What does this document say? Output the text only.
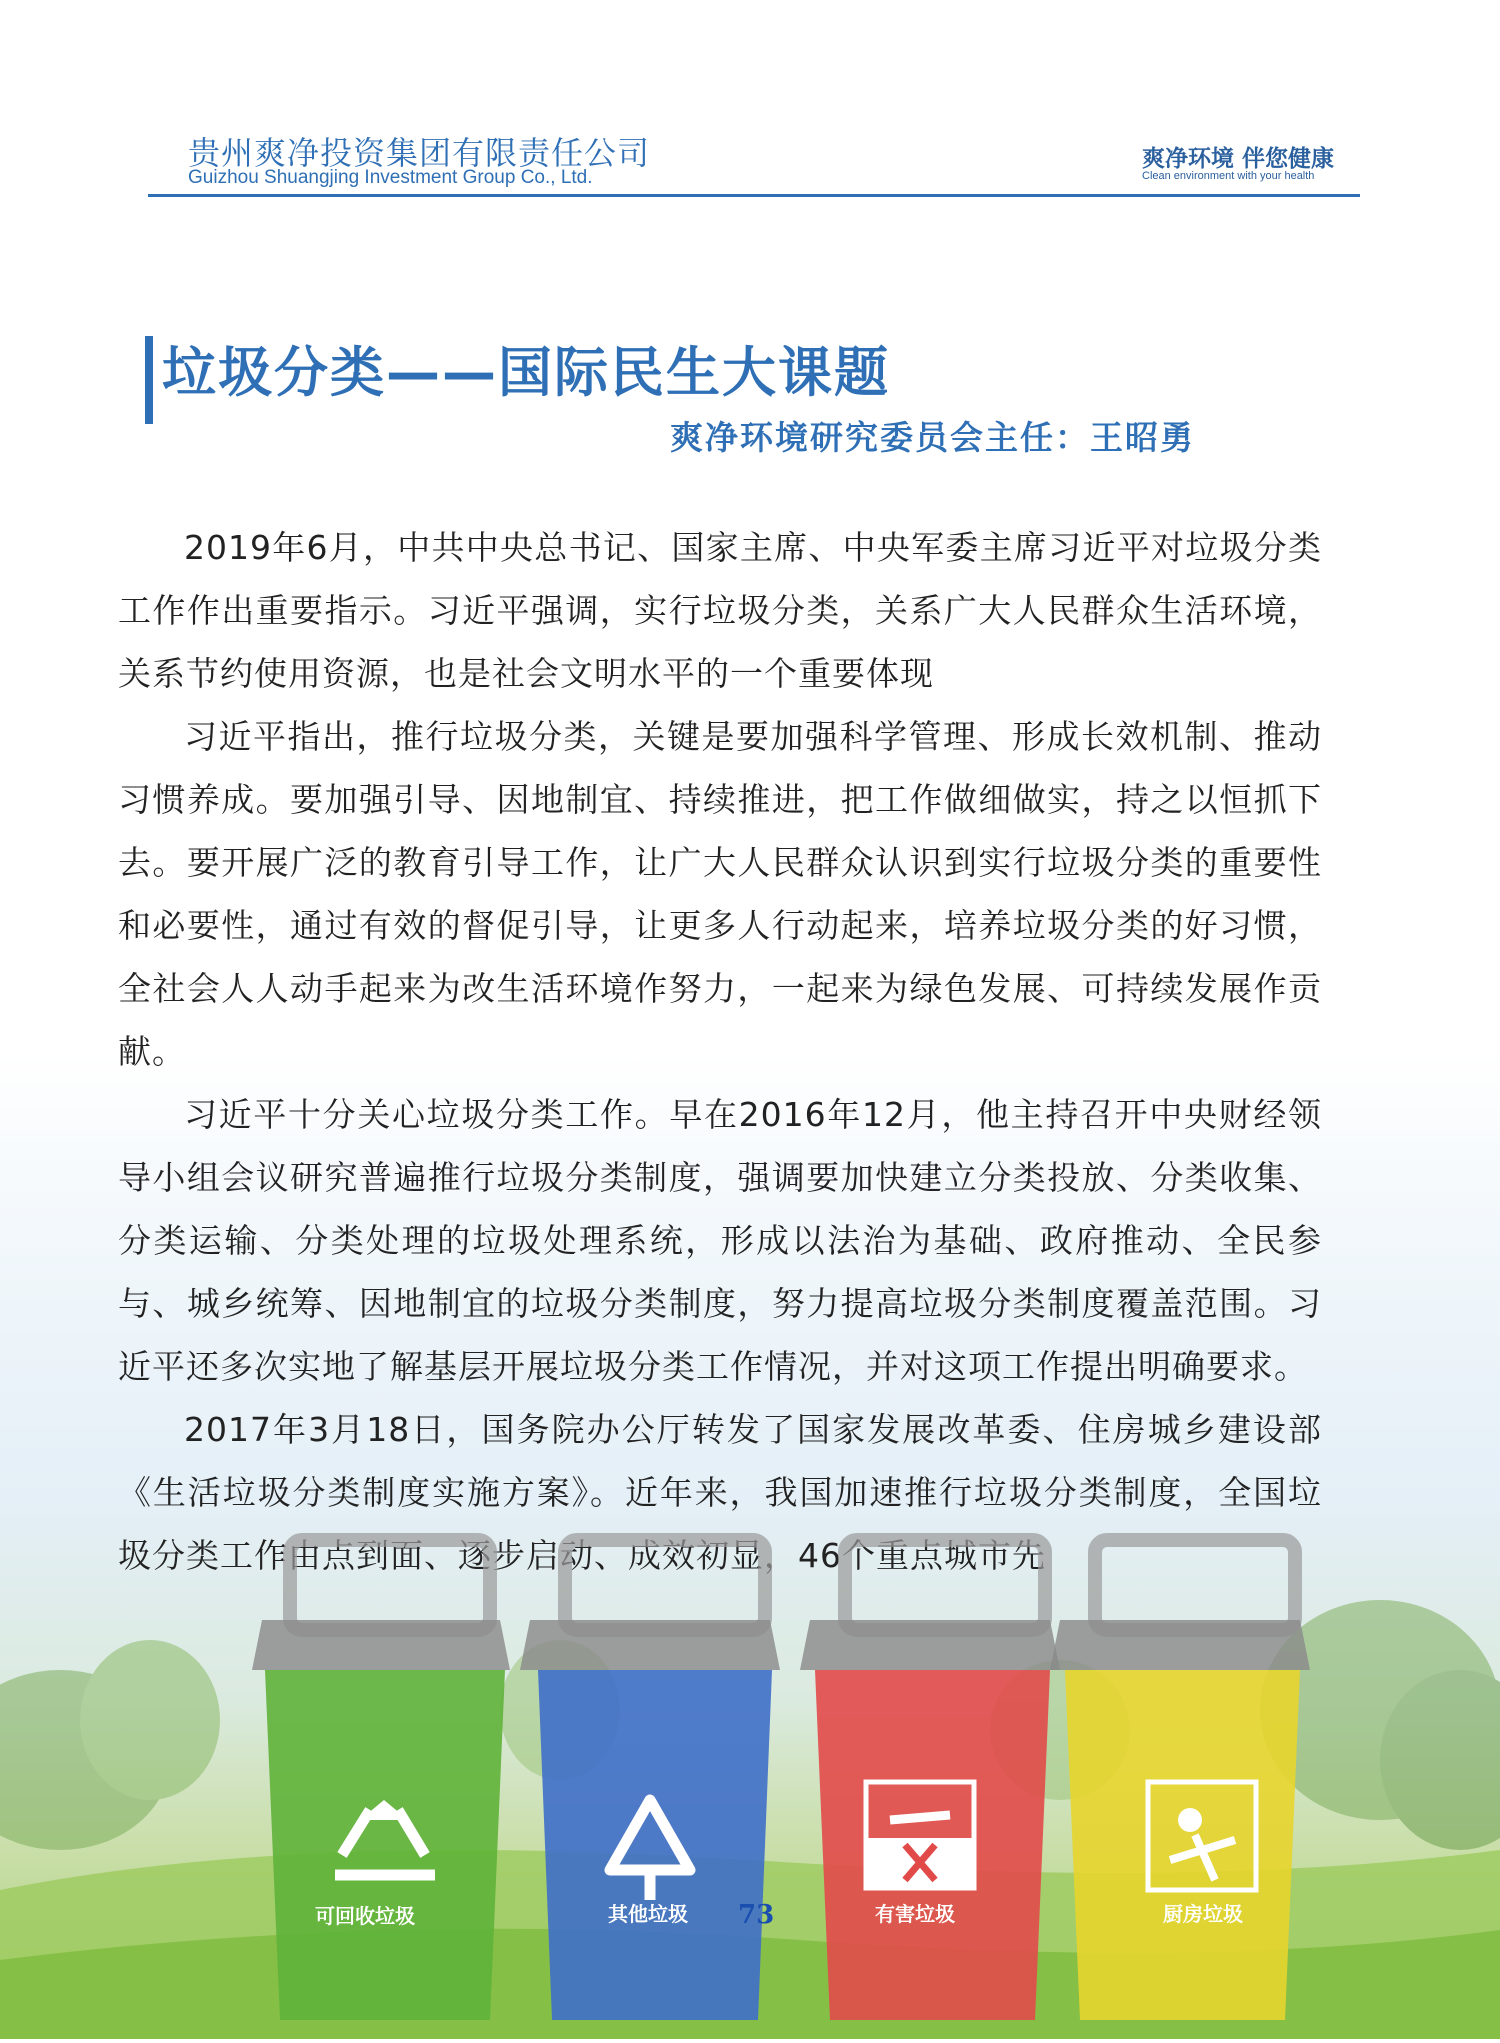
贵州爽净投资集团有限责任公司
Guizhou Shuangjing Investment Group Co., Ltd.
爽净环境 伴您健康
Clean environment with your health
垃圾分类——国际民生大课题
爽净环境研究委员会主任：王昭勇

2019年6月，中共中央总书记、国家主席、中央军委主席习近平对垃圾分类工作作出重要指示。习近平强调，实行垃圾分类，关系广大人民群众生活环境，关系节约使用资源，也是社会文明水平的一个重要体现

习近平指出，推行垃圾分类，关键是要加强科学管理、形成长效机制、推动习惯养成。要加强引导、因地制宜、持续推进，把工作做细做实，持之以恒抓下去。要开展广泛的教育引导工作，让广大人民群众认识到实行垃圾分类的重要性和必要性，通过有效的督促引导，让更多人行动起来，培养垃圾分类的好习惯，全社会人人动手起来为改生活环境作努力，一起来为绿色发展、可持续发展作贡献。

习近平十分关心垃圾分类工作。早在2016年12月，他主持召开中央财经领导小组会议研究普遍推行垃圾分类制度，强调要加快建立分类投放、分类收集、分类运输、分类处理的垃圾处理系统，形成以法治为基础、政府推动、全民参与、城乡统筹、因地制宜的垃圾分类制度，努力提高垃圾分类制度覆盖范围。习近平还多次实地了解基层开展垃圾分类工作情况，并对这项工作提出明确要求。

2017年3月18日，国务院办公厅转发了国家发展改革委、住房城乡建设部《生活垃圾分类制度实施方案》。近年来，我国加速推行垃圾分类制度，全国垃圾分类工作由点到面、逐步启动、成效初显，46个重点城市先

可回收垃圾	其他垃圾	有害垃圾	厨房垃圾
73
